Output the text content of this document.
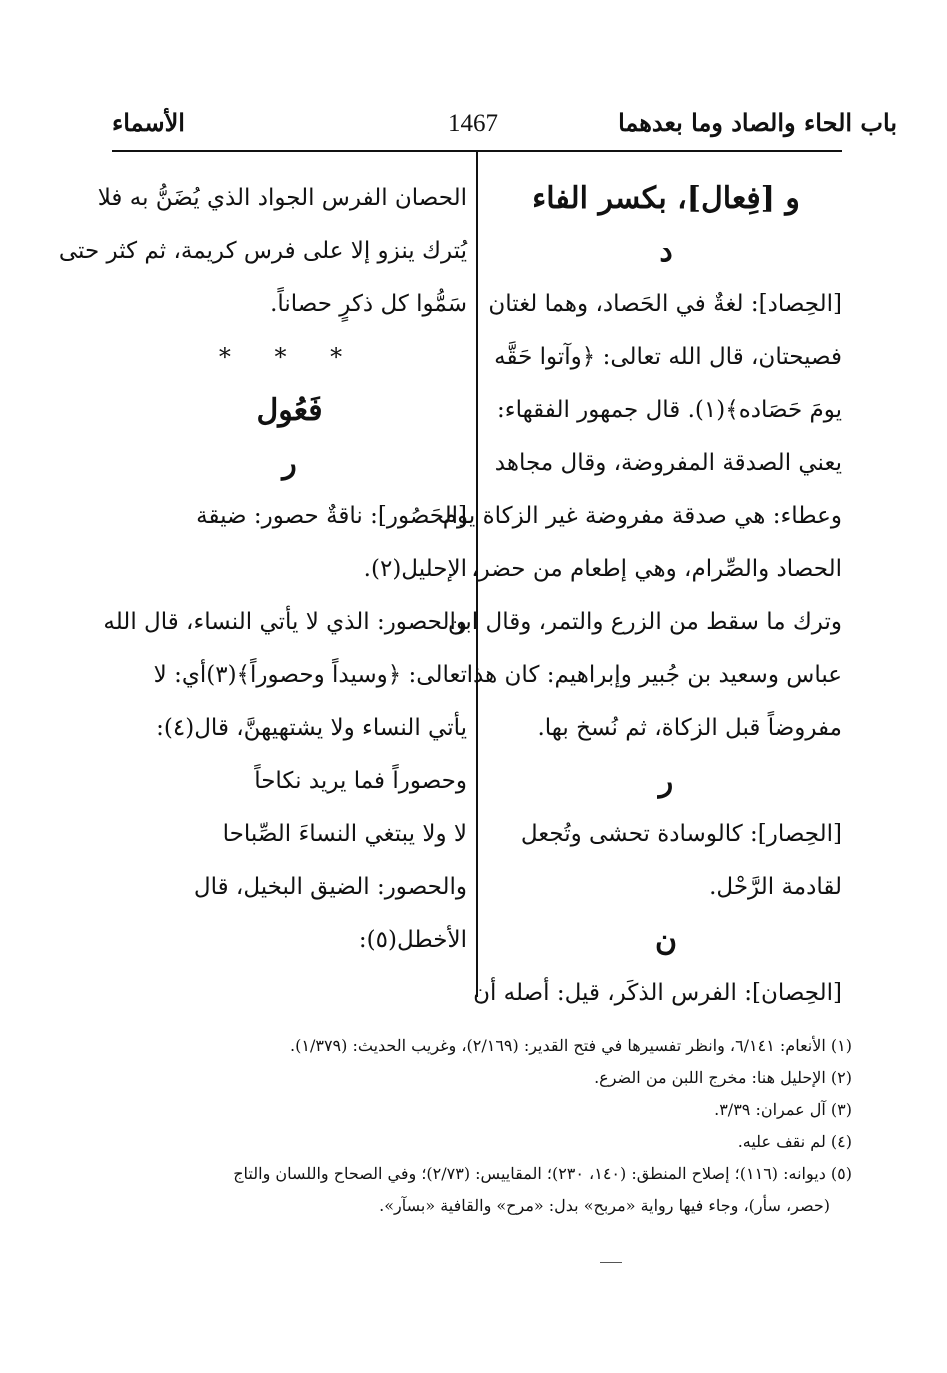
باب الحاء والصاد وما بعدهما
1467
الأسماء
و [فِعال]، بكسر الفاء
د
[الحِصاد]: لغةٌ في الحَصاد، وهما لغتان
فصيحتان، قال الله تعالى: ﴿وآتوا حَقَّه
يومَ حَصَاده﴾(١). قال جمهور الفقهاء:
يعني الصدقة المفروضة، وقال مجاهد
وعطاء: هي صدقة مفروضة غير الزكاة يوم
الحصاد والصِّرام، وهي إطعام من حضر،
وترك ما سقط من الزرع والتمر، وقال ابن
عباس وسعيد بن جُبير وإبراهيم: كان هذا
مفروضاً قبل الزكاة، ثم نُسخ بها.
ر
[الحِصار]: كالوسادة تحشى وتُجعل
لقادمة الرَّحْل.
ن
[الحِصان]: الفرس الذكَر، قيل: أصله أن
الحصان الفرس الجواد الذي يُضَنُّ به فلا
يُترك ينزو إلا على فرس كريمة، ثم كثر حتى
سَمُّوا كل ذكرٍ حصاناً.
* * *
فَعُول
ر
[الحَصُور]: ناقةٌ حصور: ضيقة
الإحليل(٢).
والحصور: الذي لا يأتي النساء، قال الله
تعالى: ﴿وسيداً وحصوراً﴾(٣)أي: لا
يأتي النساء ولا يشتهيهنَّ، قال(٤):
وحصوراً فما يريد نكاحاً
لا ولا يبتغي النساءَ الصِّباحا
والحصور: الضيق البخيل، قال
الأخطل(٥):
(١) الأنعام: ٦/١٤١، وانظر تفسيرها في فتح القدير: (٢/١٦٩)، وغريب الحديث: (١/٣٧٩).
(٢) الإحليل هنا: مخرج اللبن من الضرع.
(٣) آل عمران: ٣/٣٩.
(٤) لم نقف عليه.
(٥) ديوانه: (١١٦)؛ إصلاح المنطق: (١٤٠، ٢٣٠)؛ المقاييس: (٢/٧٣)؛ وفي الصحاح واللسان والتاج
(حصر، سأر)، وجاء فيها رواية «مربح» بدل: «مرح» والقافية «بسآر».
